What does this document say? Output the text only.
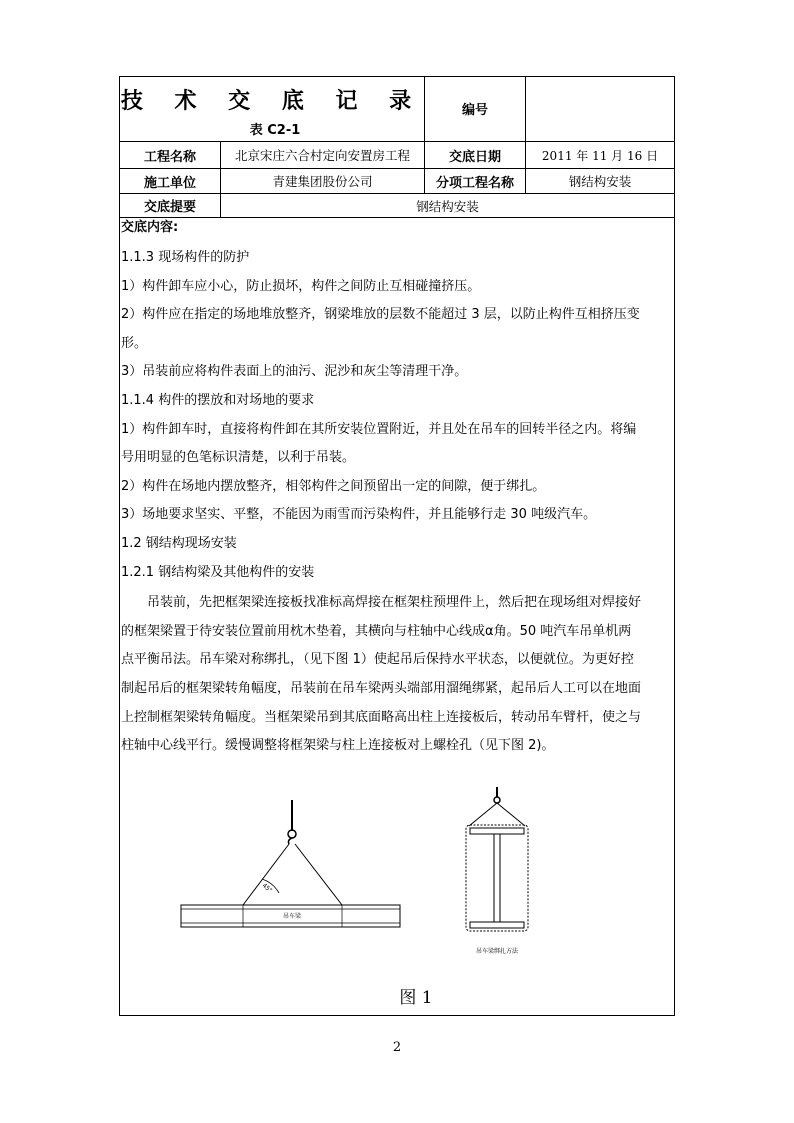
技 术 交 底 记 录
表 C2-1
编号
工程名称	北京宋庄六合村定向安置房工程	交底日期	2011 年 11 月 16 日
施工单位	青建集团股份公司	分项工程名称	钢结构安装
交底提要	钢结构安装

交底内容:

1.1.3 现场构件的防护

1）构件卸车应小心，防止损坏，构件之间防止互相碰撞挤压。

2）构件应在指定的场地堆放整齐，钢梁堆放的层数不能超过 3 层，以防止构件互相挤压变

形。

3）吊装前应将构件表面上的油污、泥沙和灰尘等清理干净。

1.1.4 构件的摆放和对场地的要求

1）构件卸车时，直接将构件卸在其所安装位置附近，并且处在吊车的回转半径之内。将编

号用明显的色笔标识清楚，以利于吊装。

2）构件在场地内摆放整齐，相邻构件之间预留出一定的间隙，便于绑扎。

3）场地要求坚实、平整，不能因为雨雪而污染构件，并且能够行走 30 吨级汽车。

1.2 钢结构现场安装

1.2.1 钢结构梁及其他构件的安装

吊装前，先把框架梁连接板找准标高焊接在框架柱预埋件上，然后把在现场组对焊接好

的框架梁置于待安装位置前用枕木垫着，其横向与柱轴中心线成α角。50 吨汽车吊单机两

点平衡吊法。吊车梁对称绑扎，（见下图 1）使起吊后保持水平状态，以便就位。为更好控

制起吊后的框架梁转角幅度，吊装前在吊车梁两头端部用溜绳绑紧，起吊后人工可以在地面

上控制框架梁转角幅度。当框架梁吊到其底面略高出柱上连接板后，转动吊车臂杆，使之与

柱轴中心线平行。缓慢调整将框架梁与柱上连接板对上螺栓孔（见下图 2)。

45°
吊车梁
吊车梁绑扎方法
图 1
2
